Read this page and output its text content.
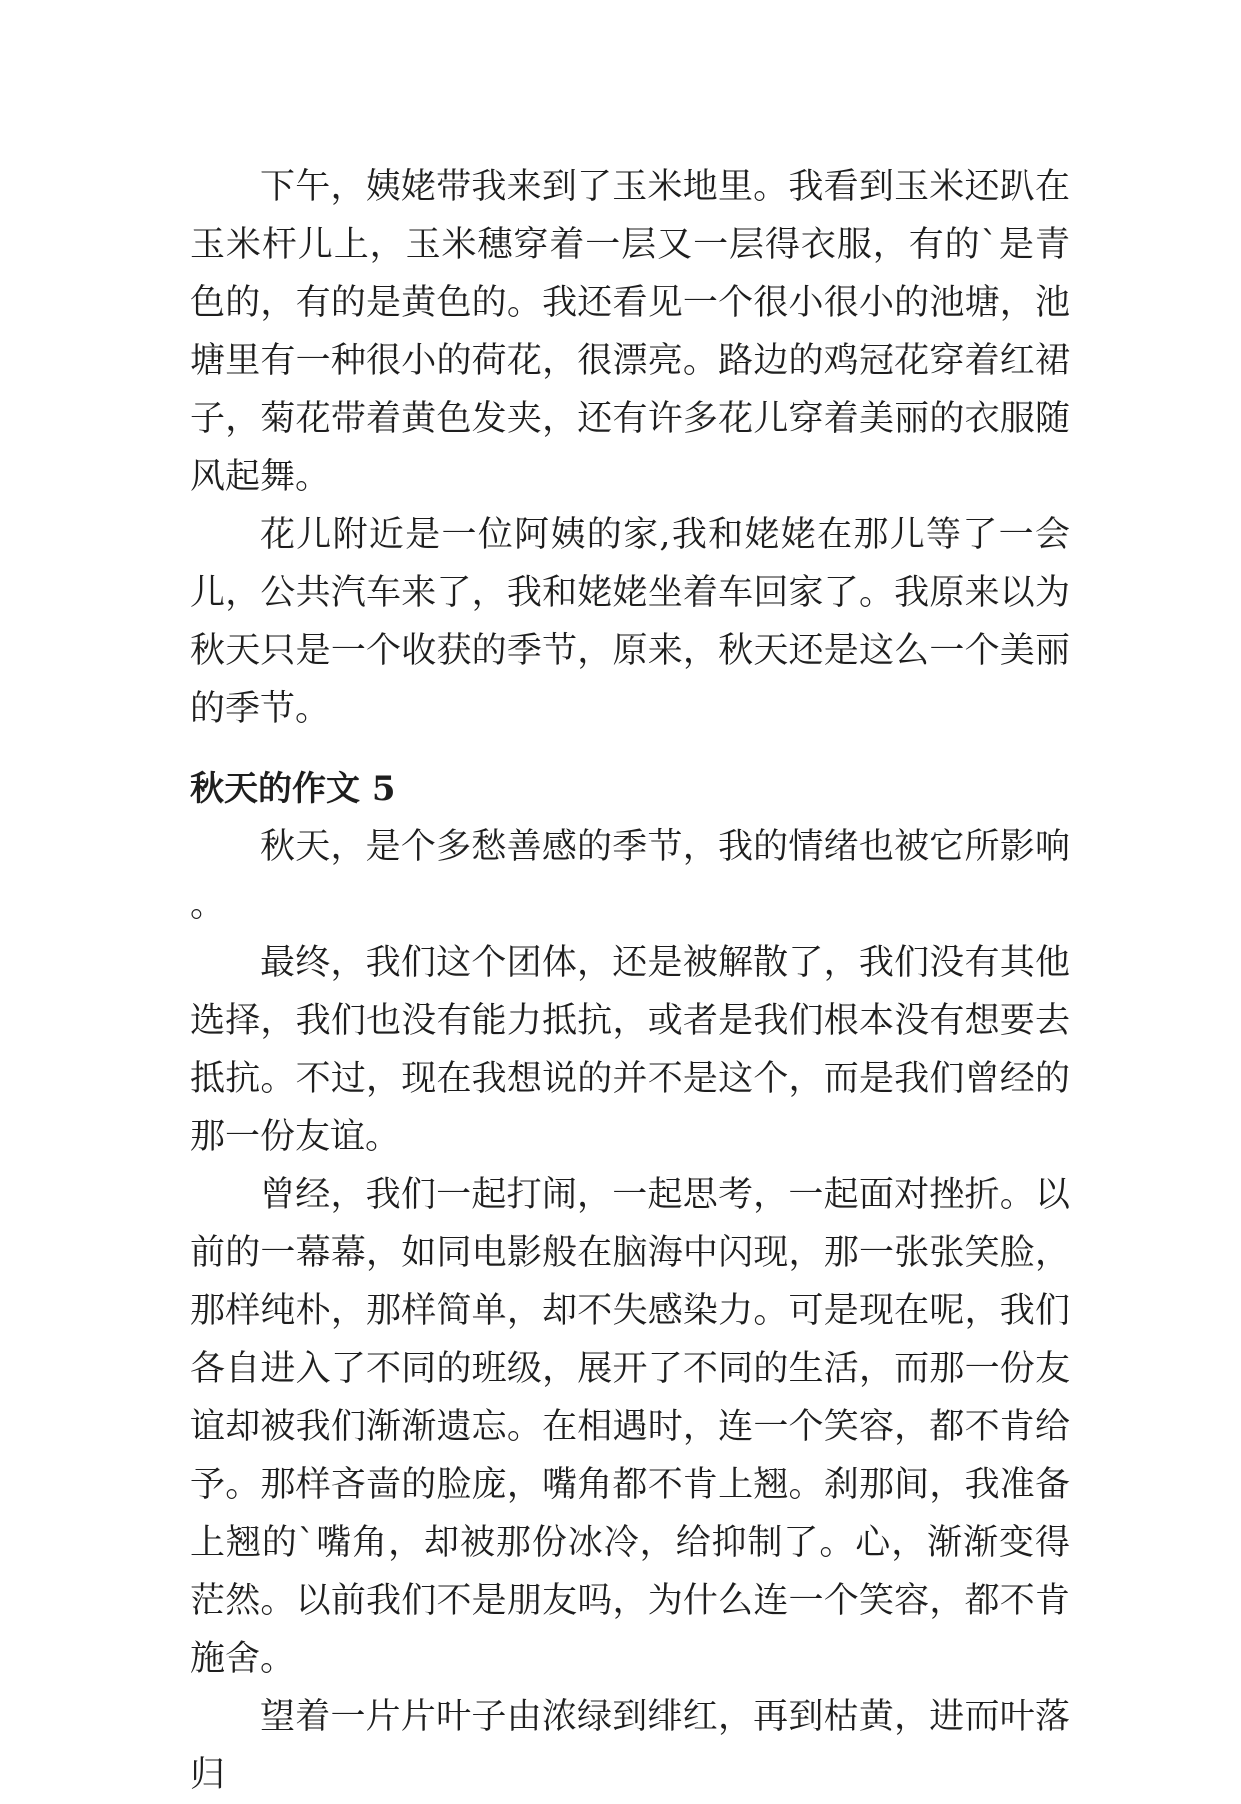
下午，姨姥带我来到了玉米地里。我看到玉米还趴在玉米杆儿上，玉米穗穿着一层又一层得衣服，有的`是青色的，有的是黄色的。我还看见一个很小很小的池塘，池塘里有一种很小的荷花，很漂亮。路边的鸡冠花穿着红裙子，菊花带着黄色发夹，还有许多花儿穿着美丽的衣服随风起舞。

花儿附近是一位阿姨的家,我和姥姥在那儿等了一会儿，公共汽车来了，我和姥姥坐着车回家了。我原来以为秋天只是一个收获的季节，原来，秋天还是这么一个美丽的季节。

秋天的作文 5

秋天，是个多愁善感的季节，我的情绪也被它所影响。

最终，我们这个团体，还是被解散了，我们没有其他选择，我们也没有能力抵抗，或者是我们根本没有想要去抵抗。不过，现在我想说的并不是这个，而是我们曾经的那一份友谊。

曾经，我们一起打闹，一起思考，一起面对挫折。以前的一幕幕，如同电影般在脑海中闪现，那一张张笑脸，那样纯朴，那样简单，却不失感染力。可是现在呢，我们各自进入了不同的班级，展开了不同的生活，而那一份友谊却被我们渐渐遗忘。在相遇时，连一个笑容，都不肯给予。那样吝啬的脸庞，嘴角都不肯上翘。刹那间，我准备上翘的`嘴角，却被那份冰冷，给抑制了。心，渐渐变得茫然。以前我们不是朋友吗，为什么连一个笑容，都不肯施舍。

望着一片片叶子由浓绿到绯红，再到枯黄，进而叶落归
